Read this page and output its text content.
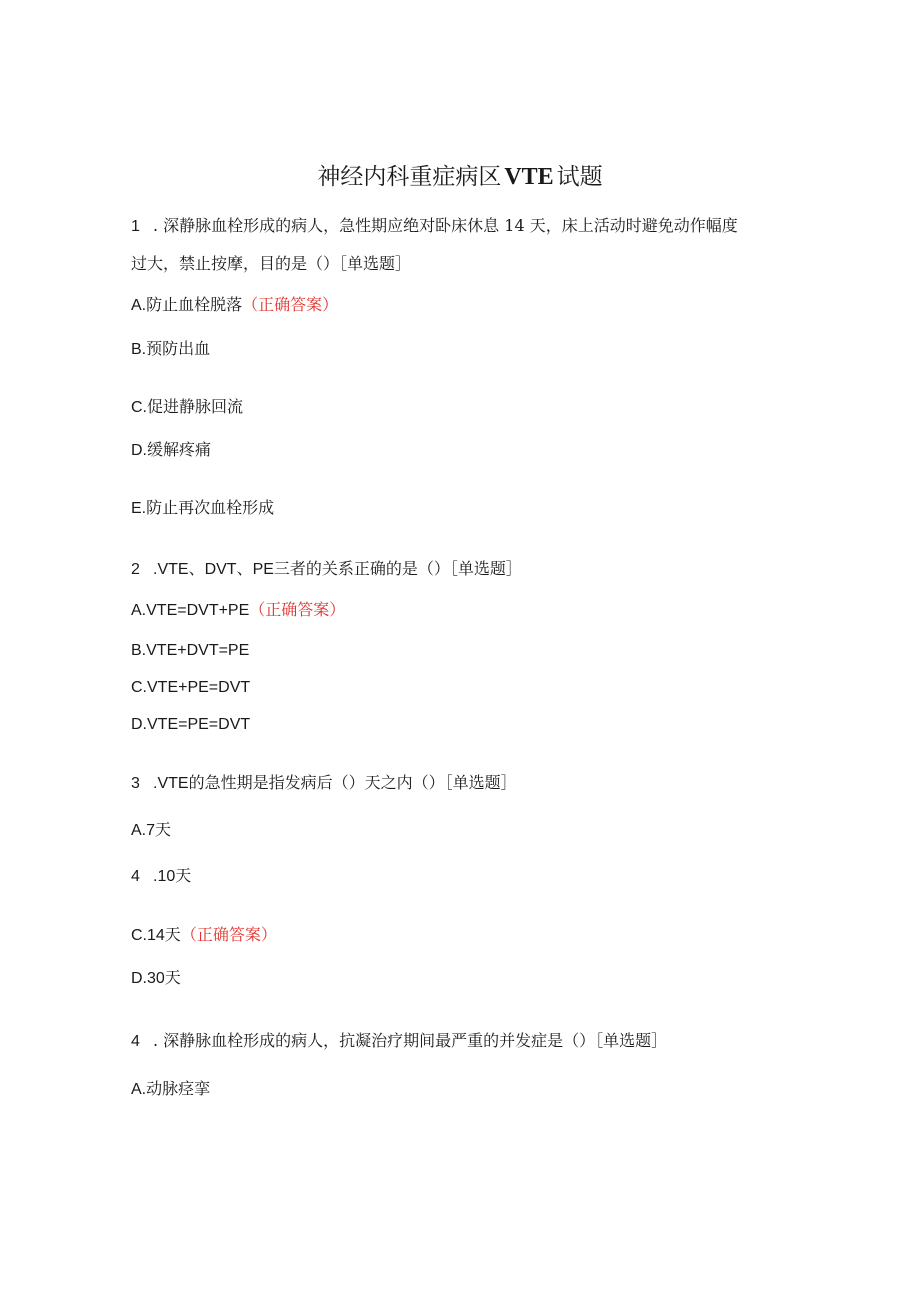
神经内科重症病区 VTE 试题
1 . 深静脉血栓形成的病人，急性期应绝对卧床休息 14 天，床上活动时避免动作幅度
过大，禁止按摩，目的是（）［单选题］
A.防止血栓脱落（正确答案）
B.预防出血
C.促进静脉回流
D.缓解疼痛
E.防止再次血栓形成
2 .VTE、DVT、PE三者的关系正确的是（）［单选题］
A.VTE=DVT+PE（正确答案）
B.VTE+DVT=PE
C.VTE+PE=DVT
D.VTE=PE=DVT
3 .VTE的急性期是指发病后（）天之内（）［单选题］
A.7天
4 .10天
C.14天（正确答案）
D.30天
4 . 深静脉血栓形成的病人，抗凝治疗期间最严重的并发症是（）［单选题］
A.动脉痉挛
